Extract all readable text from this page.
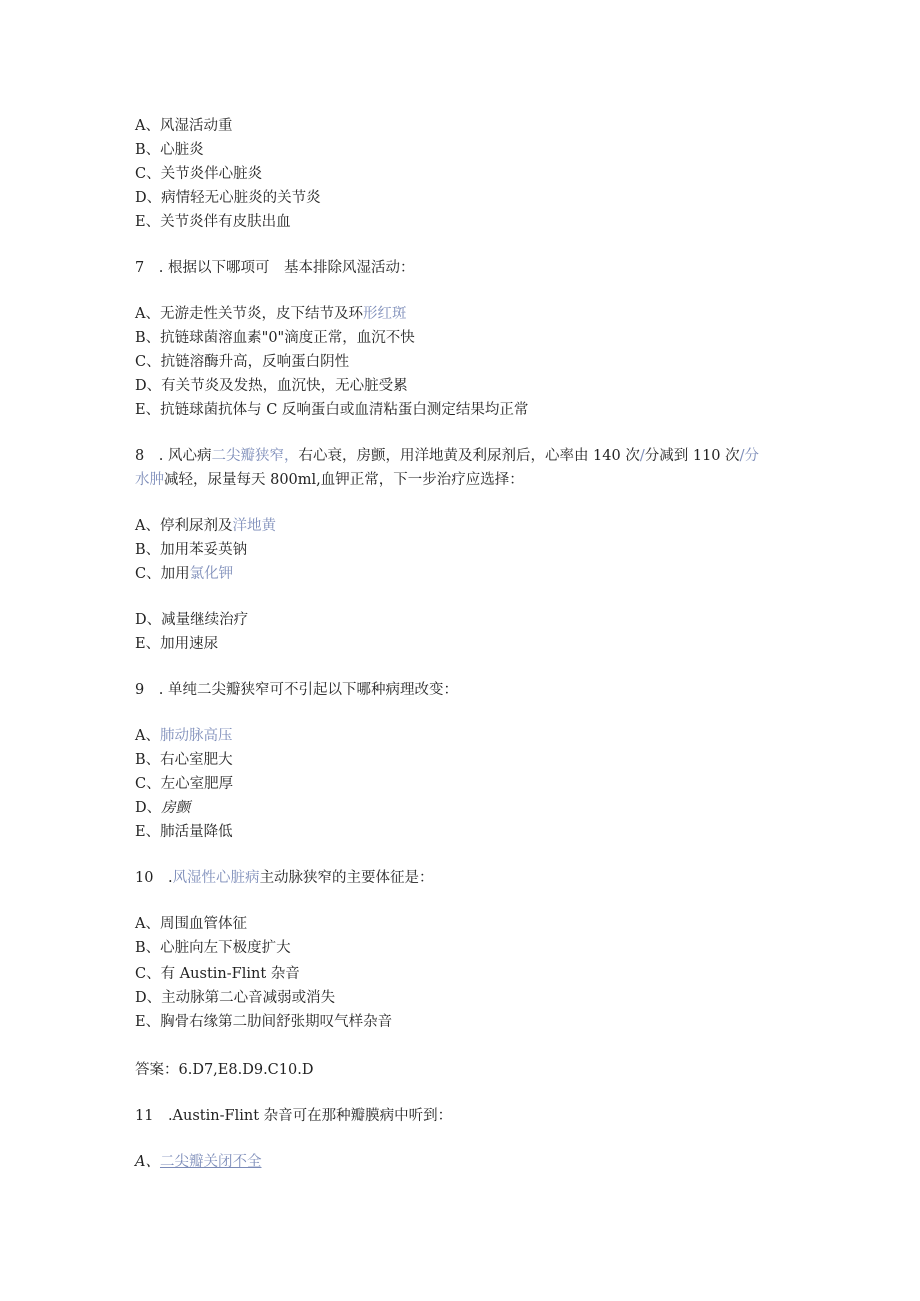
A、风湿活动重
B、心脏炎
C、关节炎伴心脏炎
D、病情轻无心脏炎的关节炎
E、关节炎伴有皮肤出血
7　. 根据以下哪项可　基本排除风湿活动：
A、无游走性关节炎，皮下结节及环形红斑
B、抗链球菌溶血素"0"滴度正常，血沉不快
C、抗链溶酶升高，反响蛋白阴性
D、有关节炎及发热，血沉快，无心脏受累
E、抗链球菌抗体与 C 反响蛋白或血清粘蛋白测定结果均正常
8　. 风心病二尖瓣狭窄，右心衰，房颤，用洋地黄及利尿剂后，心率由 140 次/分减到 110 次/分
水肿减轻，尿量每天 800ml,血钾正常，下一步治疗应选择：
A、停利尿剂及洋地黄
B、加用苯妥英钠
C、加用氯化钾
D、减量继续治疗
E、加用速尿
9　. 单纯二尖瓣狭窄可不引起以下哪种病理改变：
A、肺动脉高压
B、右心室肥大
C、左心室肥厚
D、房颤
E、肺活量降低
10　.风湿性心脏病主动脉狭窄的主要体征是：
A、周围血管体征
B、心脏向左下极度扩大
C、有 Austin-Flint 杂音
D、主动脉第二心音减弱或消失
E、胸骨右缘第二肋间舒张期叹气样杂音
答案：6.D7,E8.D9.C10.D
11　.Austin-Flint 杂音可在那种瓣膜病中听到：
A、二尖瓣关闭不全
